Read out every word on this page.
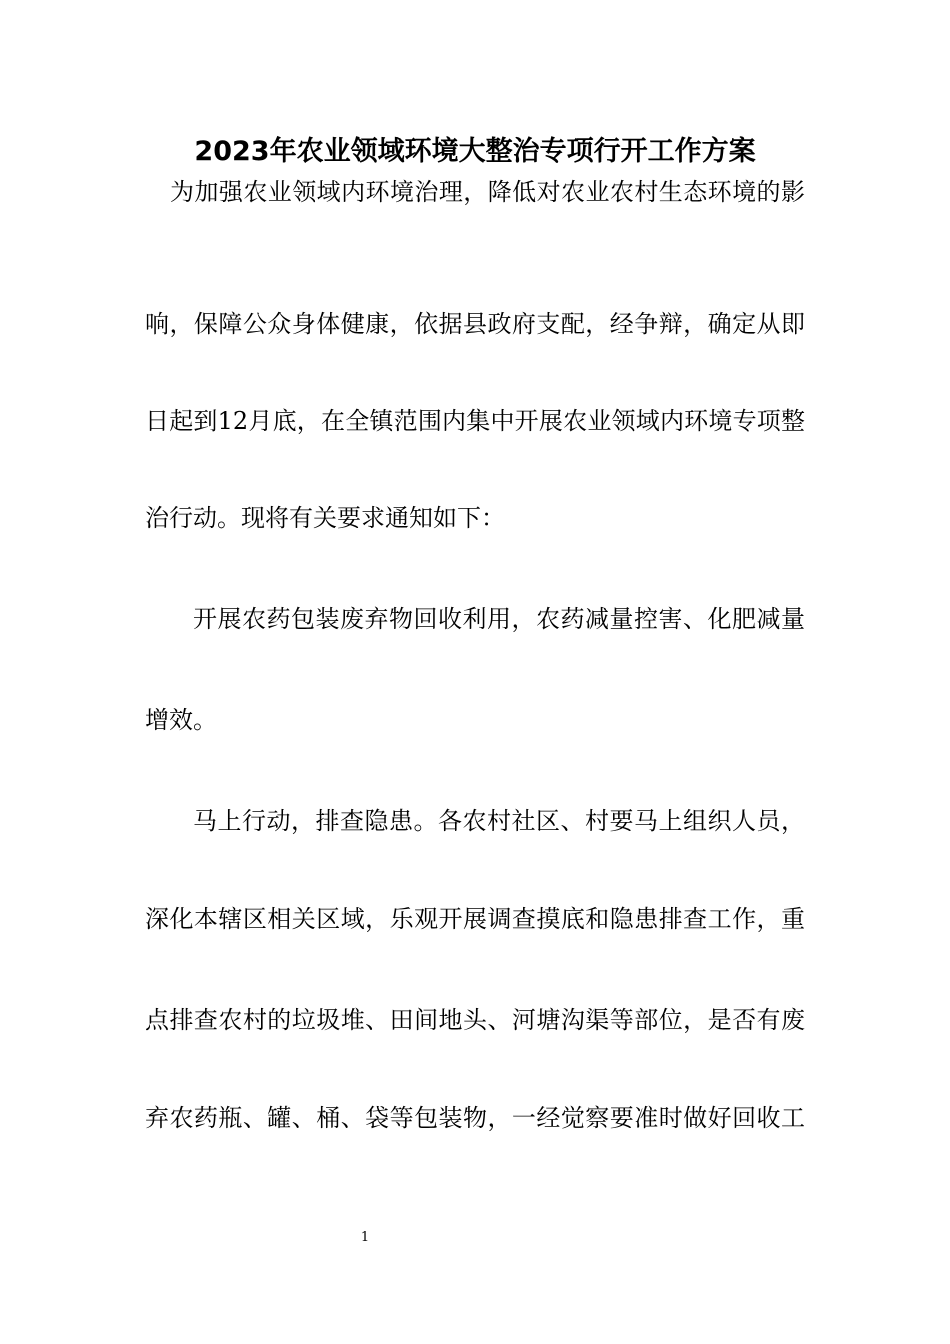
2023年农业领域环境大整治专项行开工作方案
为加强农业领域内环境治理，降低对农业农村生态环境的影
响，保障公众身体健康，依据县政府支配，经争辩，确定从即
日起到12月底，在全镇范围内集中开展农业领域内环境专项整
治行动。现将有关要求通知如下：
开展农药包装废弃物回收利用，农药减量控害、化肥减量
增效。
马上行动，排查隐患。各农村社区、村要马上组织人员，
深化本辖区相关区域，乐观开展调查摸底和隐患排查工作，重
点排查农村的垃圾堆、田间地头、河塘沟渠等部位，是否有废
弃农药瓶、罐、桶、袋等包装物，一经觉察要准时做好回收工
1
